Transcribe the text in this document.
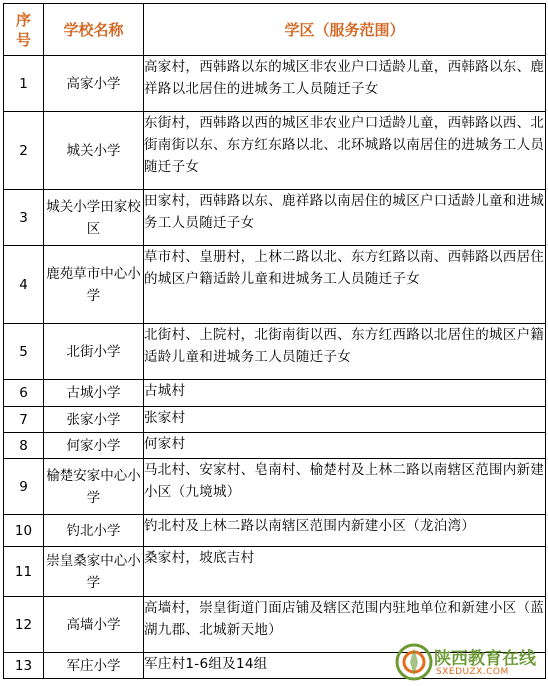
序
号	学校名称	学区（服务范围）
1	高家小学	高家村，西韩路以东的城区非农业户口适龄儿童，西韩路以东、鹿祥路以北居住的进城务工人员随迁子女
2	城关小学	东街村，西韩路以西的城区非农业户口适龄儿童，西韩路以西、北街南街以东、东方红东路以北、北环城路以南居住的进城务工人员随迁子女
3	城关小学田家校区	田家村，西韩路以东、鹿祥路以南居住的城区户口适龄儿童和进城务工人员随迁子女
4	鹿苑草市中心小学	草市村、皇册村，上林二路以北、东方红路以南、西韩路以西居住的城区户籍适龄儿童和进城务工人员随迁子女
5	北街小学	北街村、上院村，北街南街以西、东方红西路以北居住的城区户籍适龄儿童和进城务工人员随迁子女
6	古城小学	古城村
7	张家小学	张家村
8	何家小学	何家村
9	榆楚安家中心小学	马北村、安家村、皂南村、榆楚村及上林二路以南辖区范围内新建小区（九境城）
10	钓北小学	钓北村及上林二路以南辖区范围内新建小区（龙泊湾）
11	崇皇桑家中心小学	桑家村，坡底吉村
12	高墙小学	高墙村，崇皇街道门面店铺及辖区范围内驻地单位和新建小区（蓝湖九郡、北城新天地）
13	军庄小学	军庄村1-6组及14组	陕西教育在线
SXEDUZX.COM
